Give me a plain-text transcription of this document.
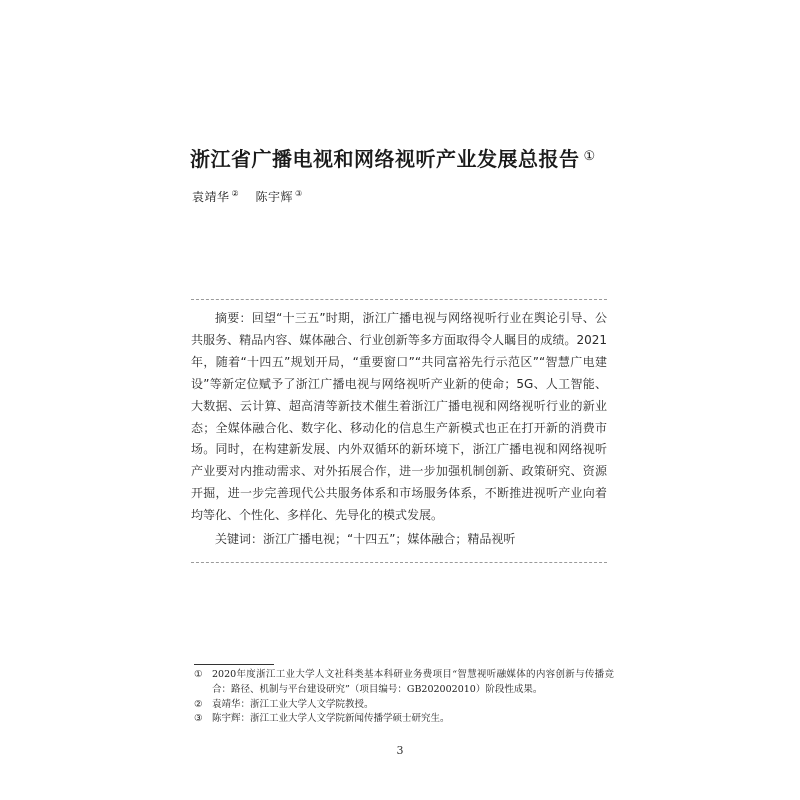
浙江省广播电视和网络视听产业发展总报告 ①
袁靖华 ② 陈宇辉 ③

摘要：回望“十三五”时期，浙江广播电视与网络视听行业在舆论引导、公共服务、精品内容、媒体融合、行业创新等多方面取得令人瞩目的成绩。2021年，随着“十四五”规划开局，“重要窗口”“共同富裕先行示范区”“智慧广电建设”等新定位赋予了浙江广播电视与网络视听产业新的使命；5G、人工智能、大数据、云计算、超高清等新技术催生着浙江广播电视和网络视听行业的新业态；全媒体融合化、数字化、移动化的信息生产新模式也正在打开新的消费市场。同时，在构建新发展、内外双循环的新环境下，浙江广播电视和网络视听产业要对内推动需求、对外拓展合作，进一步加强机制创新、政策研究、资源开掘，进一步完善现代公共服务体系和市场服务体系，不断推进视听产业向着均等化、个性化、多样化、先导化的模式发展。

关键词：浙江广播电视；“十四五”；媒体融合；精品视听

① 2020年度浙江工业大学人文社科类基本科研业务费项目“智慧视听融媒体的内容创新与传播竞合：路径、机制与平台建设研究”（项目编号：GB202002010）阶段性成果。

② 袁靖华：浙江工业大学人文学院教授。

③ 陈宇辉：浙江工业大学人文学院新闻传播学硕士研究生。

3
